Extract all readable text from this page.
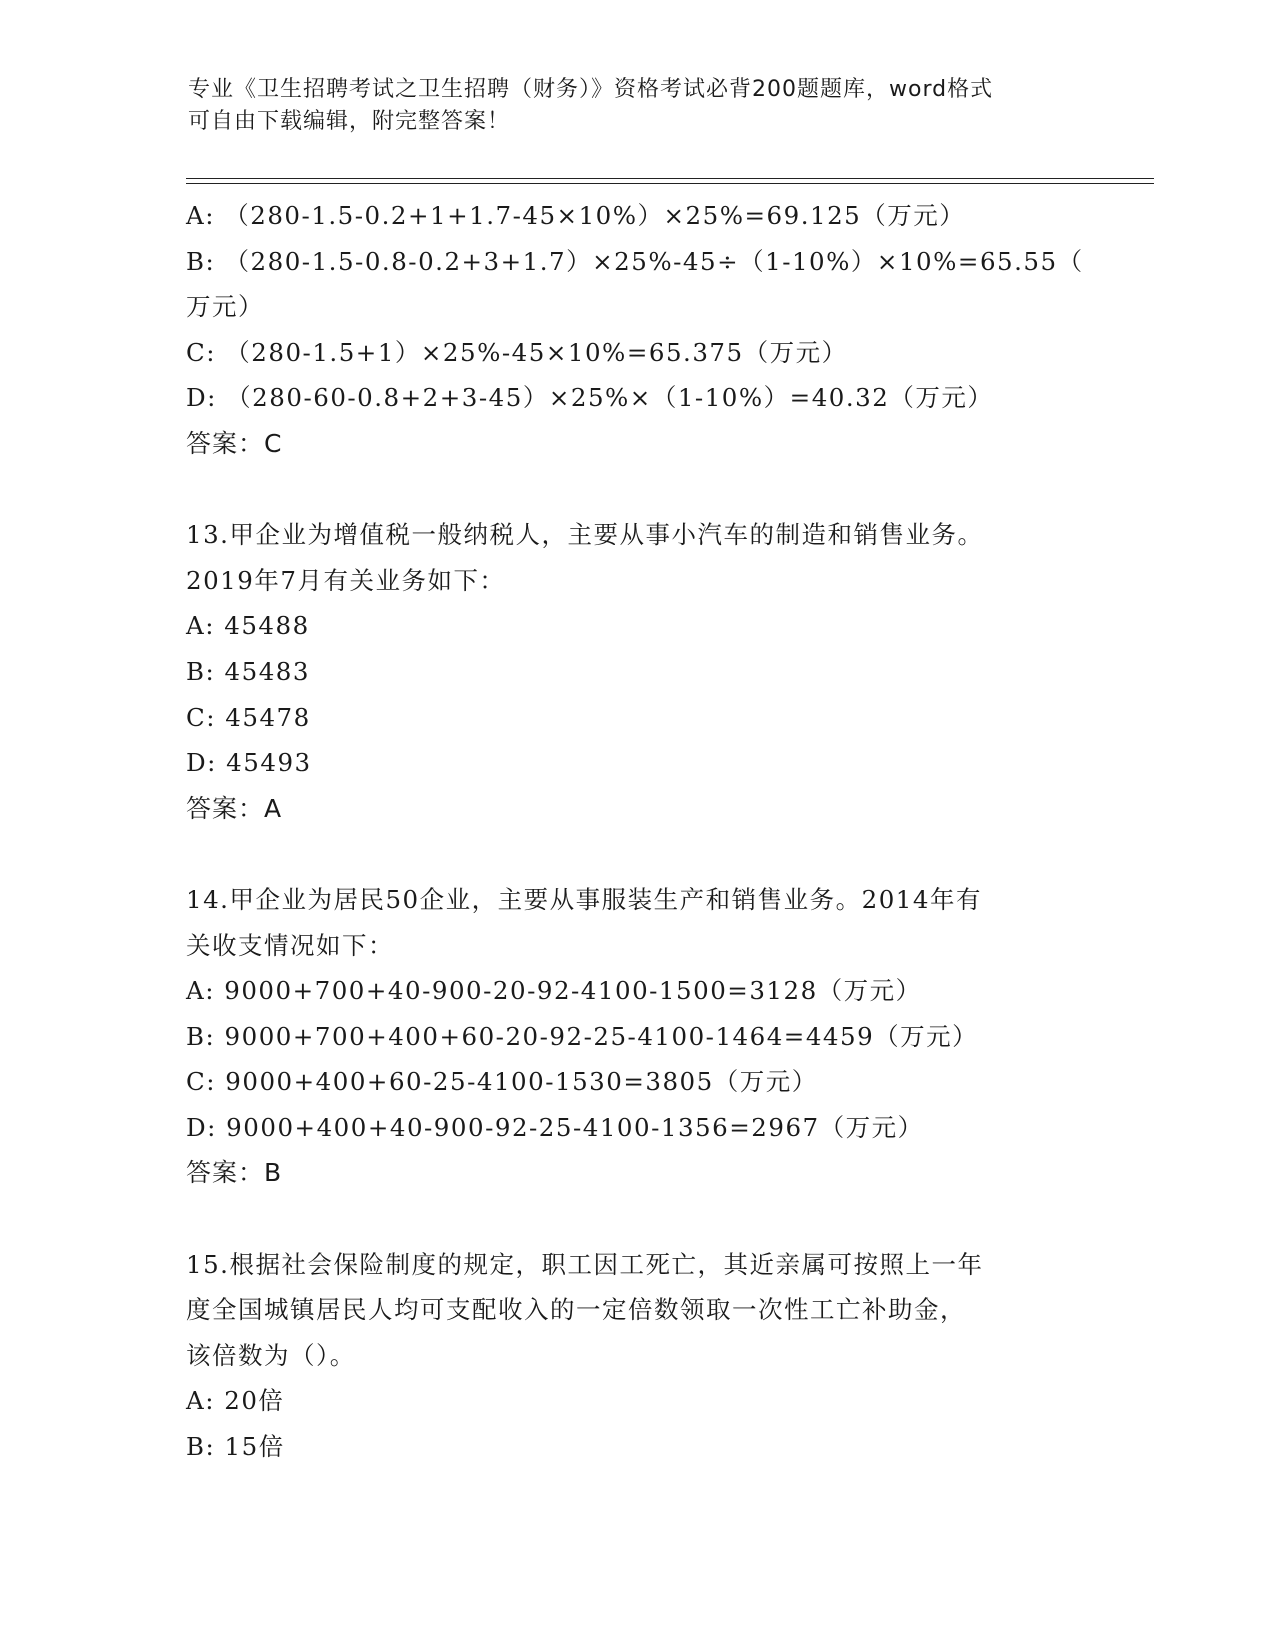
专业《卫生招聘考试之卫生招聘（财务）》资格考试必背200题题库，word格式
可自由下载编辑，附完整答案！
A: （280-1.5-0.2+1+1.7-45×10%）×25%=69.125（万元）
B: （280-1.5-0.8-0.2+3+1.7）×25%-45÷（1-10%）×10%=65.55（
万元）
C: （280-1.5+1）×25%-45×10%=65.375（万元）
D: （280-60-0.8+2+3-45）×25%×（1-10%）=40.32（万元）
答案：C
13.甲企业为增值税一般纳税人，主要从事小汽车的制造和销售业务。
2019年7月有关业务如下：
A: 45488
B: 45483
C: 45478
D: 45493
答案：A
14.甲企业为居民50企业，主要从事服装生产和销售业务。2014年有
关收支情况如下：
A: 9000+700+40-900-20-92-4100-1500=3128（万元）
B: 9000+700+400+60-20-92-25-4100-1464=4459（万元）
C: 9000+400+60-25-4100-1530=3805（万元）
D: 9000+400+40-900-92-25-4100-1356=2967（万元）
答案：B
15.根据社会保险制度的规定，职工因工死亡，其近亲属可按照上一年
度全国城镇居民人均可支配收入的一定倍数领取一次性工亡补助金，
该倍数为（）。
A: 20倍
B: 15倍
